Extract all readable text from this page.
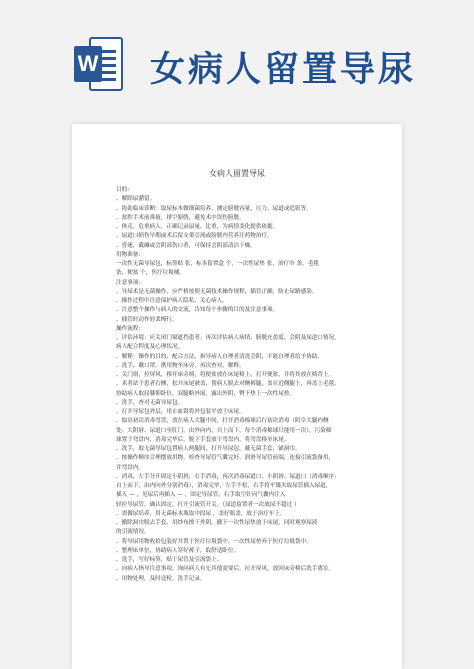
W 女病人留置导尿
女病人留置导尿
目的：
、解除尿潴留。
、协助临床诊断：取尿标本做细菌培养、测定膀胱容量、压力、尿道或造影等。
、盆腔手术前准备，排空膀胱，避免术中误伤膀胱。
、休克、危重病人，正确记录尿量、比重，为病情变化提供依据。
、尿道口损伤早期或术后留支架引流或膀胱内营养注药物治疗。
、昏迷，截瘫或会阴部伤口者，可保持会阴部清洁干燥。
用物准备：
一次性无菌导尿包，标签贴 张，标本留置盒 个，一次性尿垫 张，治疗巾 条，毛毯
条，便盆 个，医疗垃圾桶。
注意事项：
、导尿术是无菌操作，应严格按照无菌技术操作规程，插管正确，防止尿路感染。
、操作过程中注意保护病人隐私，关心病人。
、注意整个操作与病人的交流，告知每个步骤的目的及注意事项。
、插管时动作轻柔慢行。
操作流程：
、评估环境：应关闭门窗遮挡患者；再次评估病人病情、膀胱充盈度、会阴及尿道口情况，
病人配合程度及心理状况。
、解释：操作的目的、配合方法，指导病人自理者清洗会阴，不能自理者给予协助。
、洗手，戴口罩，携用物至床旁，再次查对，解释。
、关门窗，拉屏风，移开床旁椅，将便盆放在床尾椅上，打开便盆，并将其放在椅背上。
、术者站于患者右侧，松开床尾被盖，帮病人脱去对侧裤腿，盖在近侧腿上，再盖上毛毯，
协助病人取屈膝仰卧位，双腿略外展，露出外阴，臀下垫上一次性尿垫。
、洗手，查对无菌导尿包。
、打开导尿包外层，用止血钳将外包装平放于床尾。
、取出初次消毒弯盘，放在病人大腿中间，打开消毒棉球后行初次消毒（阴阜大腿内侧
处、大阴唇、尿道口至肛门，由外向内，自上而下，每个消毒棉球只能用一次），污染棉
球置于弯盘内，消毒完毕后，脱下手套放于弯盘内，将弯盘移至床尾。
、洗手，取无菌导尿包置病人两腿间，打开导尿包，戴无菌手套，铺洞巾。
、按操作顺序合理摆放用物，检查导尿管气囊完好，润滑导尿管前端，连接引流袋备用，
并弯盘内。
、消毒，左手分开固定小阴唇，右手消毒，再次消毒尿道口、小阴唇、尿道口（消毒顺序：
自上而下，由内向外分别消毒），消毒完毕，左手不松，右手将平镊夹取尿管插入尿道，
插入 — ，见尿后再插入 — ，固定导尿管，右手取空针向气囊内注入
轻拉导尿管，确认固定，打开引流管开关。（尿道留置者一次放尿不超过 ）
、需做尿培养，用无菌标本瓶取中段尿 ，盖好瓶盖，放于治疗车上。
、撤除洞巾脱去手套，用纱布擦干外阴，撤下一次性尿垫放于床尾，同时观察尿液
的引流情况。
、将导尿用物收拾包装好并置于医疗垃圾袋中，一次性尿垫弃于医疗垃圾袋中。
、整理床单位，协助病人穿好裤子，取舒适卧位。
、洗手，写好标签，贴于尿管及引流袋上。
、向病人指导注意事项，询问病人有无其他需要后，拉开屏风，放回床旁椅后洗手离室。
、用物处理，及时送检，洗手记录。
